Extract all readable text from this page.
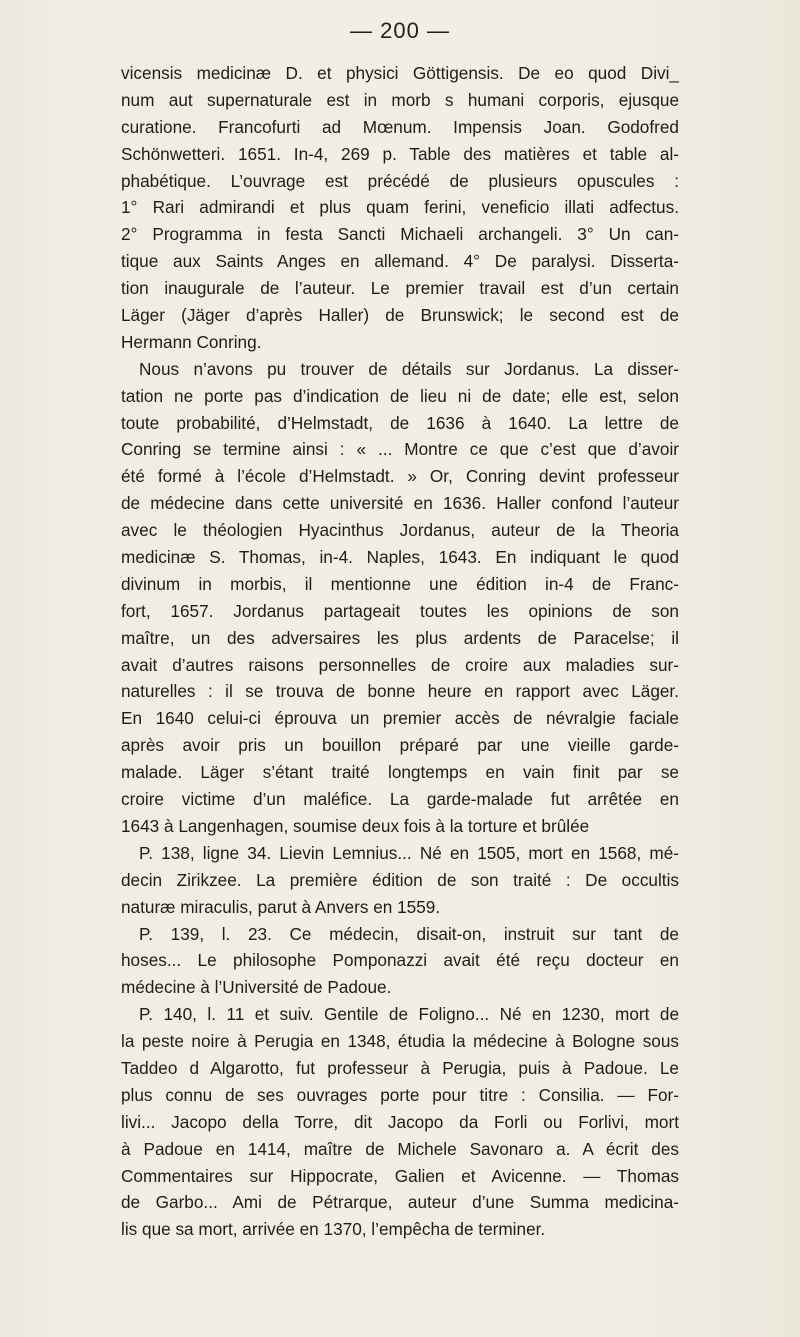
— 200 —
vicensis medicinæ D. et physici Göttigensis. De eo quod Divi_
num aut supernaturale est in morb s humani corporis, ejusque
curatione. Francofurti ad Mœnum. Impensis Joan. Godofred
Schönwetteri. 1651. In-4, 269 p. Table des matières et table al-
phabétique. L’ouvrage est précédé de plusieurs opuscules :
1° Rari admirandi et plus quam ferini, veneficio illati adfectus.
2° Programma in festa Sancti Michaeli archangeli. 3° Un can-
tique aux Saints Anges en allemand. 4° De paralysi. Disserta-
tion inaugurale de l’auteur. Le premier travail est d’un certain
Läger (Jäger d’après Haller) de Brunswick; le second est de
Hermann Conring.
Nous n’avons pu trouver de détails sur Jordanus. La disser-
tation ne porte pas d’indication de lieu ni de date; elle est, selon
toute probabilité, d’Helmstadt, de 1636 à 1640. La lettre de
Conring se termine ainsi : « ... Montre ce que c’est que d’avoir
été formé à l’école d’Helmstadt. » Or, Conring devint professeur
de médecine dans cette université en 1636. Haller confond l’auteur
avec le théologien Hyacinthus Jordanus, auteur de la Theoria
medicinæ S. Thomas, in-4. Naples, 1643. En indiquant le quod
divinum in morbis, il mentionne une édition in-4 de Franc-
fort, 1657. Jordanus partageait toutes les opinions de son
maître, un des adversaires les plus ardents de Paracelse; il
avait d’autres raisons personnelles de croire aux maladies sur-
naturelles : il se trouva de bonne heure en rapport avec Läger.
En 1640 celui-ci éprouva un premier accès de névralgie faciale
après avoir pris un bouillon préparé par une vieille garde-
malade. Läger s’étant traité longtemps en vain finit par se
croire victime d’un maléfice. La garde-malade fut arrêtée en
1643 à Langenhagen, soumise deux fois à la torture et brûlée
P. 138, ligne 34. Lievin Lemnius... Né en 1505, mort en 1568, mé-
decin Zirikzee. La première édition de son traité : De occultis
naturæ miraculis, parut à Anvers en 1559.
P. 139, l. 23. Ce médecin, disait-on, instruit sur tant de
hoses... Le philosophe Pomponazzi avait été reçu docteur en
médecine à l’Université de Padoue.
P. 140, l. 11 et suiv. Gentile de Foligno... Né en 1230, mort de
la peste noire à Perugia en 1348, étudia la médecine à Bologne sous
Taddeo d Algarotto, fut professeur à Perugia, puis à Padoue. Le
plus connu de ses ouvrages porte pour titre : Consilia. — For-
livi... Jacopo della Torre, dit Jacopo da Forli ou Forlivi, mort
à Padoue en 1414, maître de Michele Savonaro a. A écrit des
Commentaires sur Hippocrate, Galien et Avicenne. — Thomas
de Garbo... Ami de Pétrarque, auteur d’une Summa medicina-
lis que sa mort, arrivée en 1370, l’empêcha de terminer.
